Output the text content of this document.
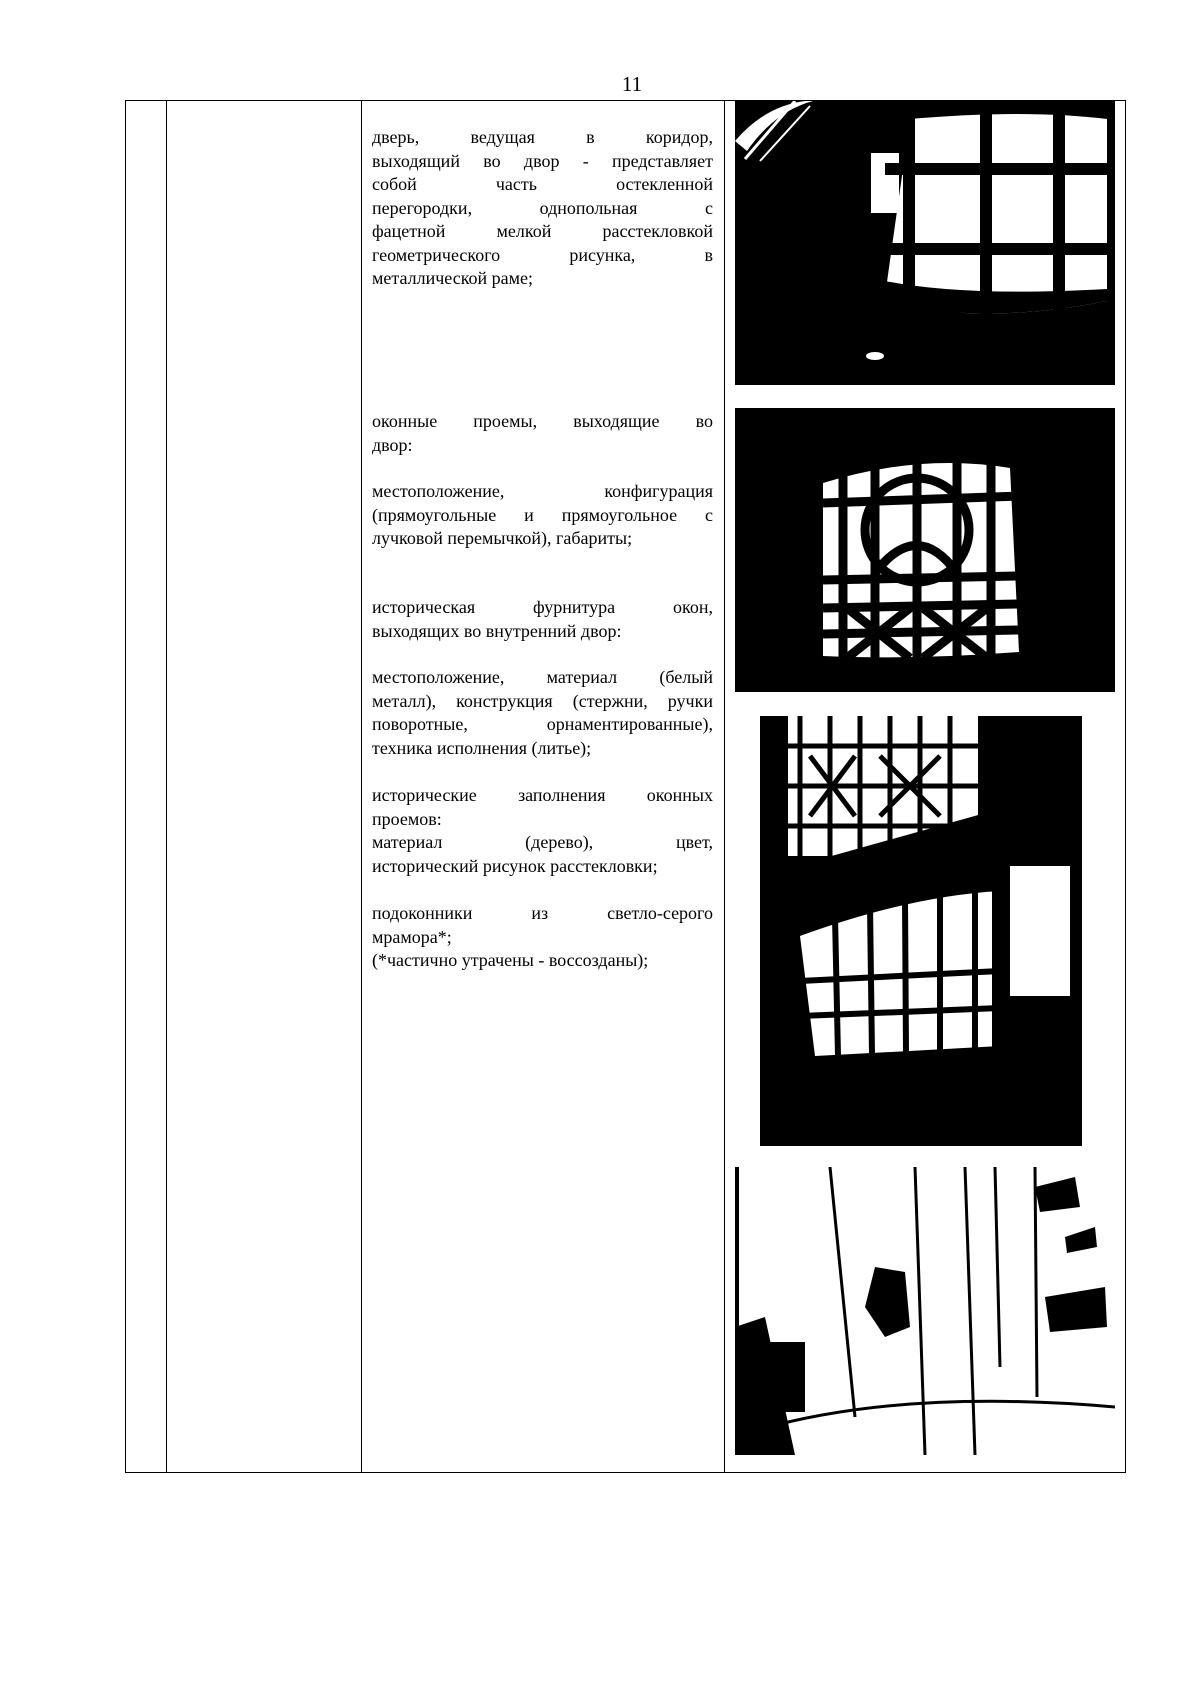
11
дверь, ведущая в коридор,
выходящий во двор - представляет
собой часть остекленной
перегородки, однопольная с
фацетной мелкой расстекловкой
геометрического рисунка, в
металлической раме;
оконные проемы, выходящие во
двор:
местоположение, конфигурация
(прямоугольные и прямоугольное с
лучковой перемычкой), габариты;
историческая фурнитура окон,
выходящих во внутренний двор:
местоположение, материал (белый
металл), конструкция (стержни, ручки
поворотные, орнаментированные),
техника исполнения (литье);
исторические заполнения оконных
проемов:
материал (дерево), цвет,
исторический рисунок расстекловки;
подоконники из светло-серого
мрамора*;
(*частично утрачены - воссозданы);
